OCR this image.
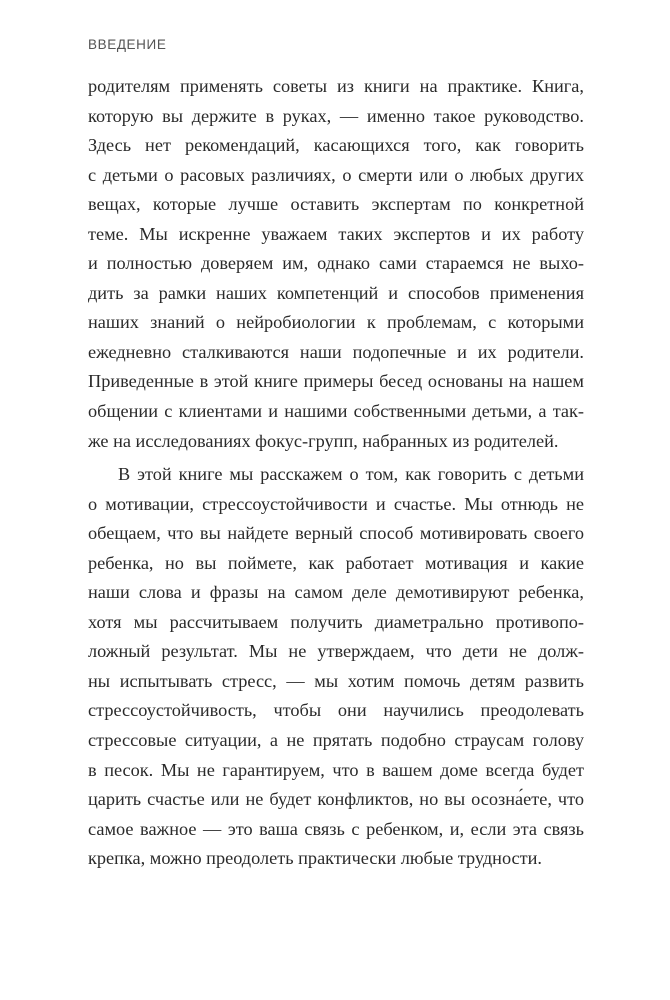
ВВЕДЕНИЕ
родителям применять советы из книги на практике. Книга,
которую вы держите в руках, — именно такое руководство.
Здесь нет рекомендаций, касающихся того, как говорить
с детьми о расовых различиях, о смерти или о любых других
вещах, которые лучше оставить экспертам по конкретной
теме. Мы искренне уважаем таких экспертов и их работу
и полностью доверяем им, однако сами стараемся не выхо-
дить за рамки наших компетенций и способов применения
наших знаний о нейробиологии к проблемам, с которыми
ежедневно сталкиваются наши подопечные и их родители.
Приведенные в этой книге примеры бесед основаны на нашем
общении с клиентами и нашими собственными детьми, а так-
же на исследованиях фокус-групп, набранных из родителей.
В этой книге мы расскажем о том, как говорить с детьми
о мотивации, стрессоустойчивости и счастье. Мы отнюдь не
обещаем, что вы найдете верный способ мотивировать своего
ребенка, но вы поймете, как работает мотивация и какие
наши слова и фразы на самом деле демотивируют ребенка,
хотя мы рассчитываем получить диаметрально противопо-
ложный результат. Мы не утверждаем, что дети не долж-
ны испытывать стресс, — мы хотим помочь детям развить
стрессоустойчивость, чтобы они научились преодолевать
стрессовые ситуации, а не прятать подобно страусам голову
в песок. Мы не гарантируем, что в вашем доме всегда будет
царить счастье или не будет конфликтов, но вы осозна́ете, что
самое важное — это ваша связь с ребенком, и, если эта связь
крепка, можно преодолеть практически любые трудности.
